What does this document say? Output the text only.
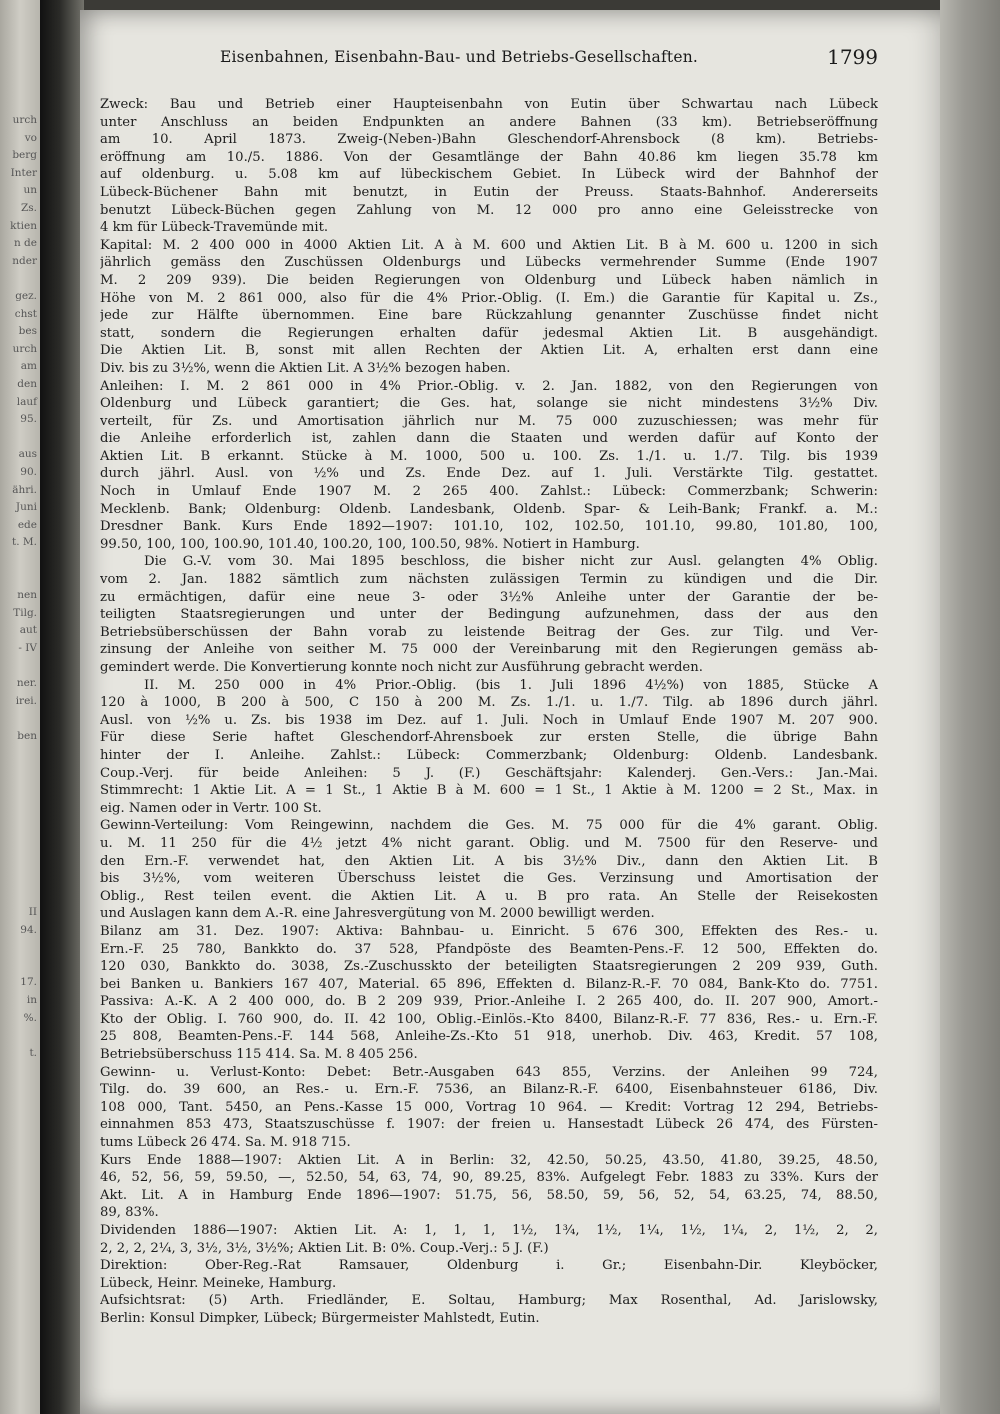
urch
vo
berg
Inter
un
Zs.
ktien
n de
nder
gez.
chst
bes
urch
am
den
lauf
95.
aus
90.
ähri.
Juni
ede
t. M.
nen
Tilg.
aut
- IV
ner.
irei.
ben
II
94.
17.
in
%.
t.
Eisenbahnen, Eisenbahn-Bau- und Betriebs-Gesellschaften.	1799
Zweck: Bau und Betrieb einer Haupteisenbahn von Eutin über Schwartau nach Lübeck
unter Anschluss an beiden Endpunkten an andere Bahnen (33 km). Betriebseröffnung
am 10. April 1873. Zweig-(Neben-)Bahn Gleschendorf-Ahrensbock (8 km). Betriebs-
eröffnung am 10./5. 1886. Von der Gesamtlänge der Bahn 40.86 km liegen 35.78 km
auf oldenburg. u. 5.08 km auf lübeckischem Gebiet. In Lübeck wird der Bahnhof der
Lübeck-Büchener Bahn mit benutzt, in Eutin der Preuss. Staats-Bahnhof. Andererseits
benutzt Lübeck-Büchen gegen Zahlung von M. 12 000 pro anno eine Geleisstrecke von
4 km für Lübeck-Travemünde mit.
Kapital: M. 2 400 000 in 4000 Aktien Lit. A à M. 600 und Aktien Lit. B à M. 600 u. 1200 in sich
jährlich gemäss den Zuschüssen Oldenburgs und Lübecks vermehrender Summe (Ende 1907
M. 2 209 939). Die beiden Regierungen von Oldenburg und Lübeck haben nämlich in
Höhe von M. 2 861 000, also für die 4% Prior.-Oblig. (I. Em.) die Garantie für Kapital u. Zs.,
jede zur Hälfte übernommen. Eine bare Rückzahlung genannter Zuschüsse findet nicht
statt, sondern die Regierungen erhalten dafür jedesmal Aktien Lit. B ausgehändigt.
Die Aktien Lit. B, sonst mit allen Rechten der Aktien Lit. A, erhalten erst dann eine
Div. bis zu 3½%, wenn die Aktien Lit. A 3½% bezogen haben.
Anleihen: I. M. 2 861 000 in 4% Prior.-Oblig. v. 2. Jan. 1882, von den Regierungen von
Oldenburg und Lübeck garantiert; die Ges. hat, solange sie nicht mindestens 3½% Div.
verteilt, für Zs. und Amortisation jährlich nur M. 75 000 zuzuschiessen; was mehr für
die Anleihe erforderlich ist, zahlen dann die Staaten und werden dafür auf Konto der
Aktien Lit. B erkannt. Stücke à M. 1000, 500 u. 100. Zs. 1./1. u. 1./7. Tilg. bis 1939
durch jährl. Ausl. von ½% und Zs. Ende Dez. auf 1. Juli. Verstärkte Tilg. gestattet.
Noch in Umlauf Ende 1907 M. 2 265 400. Zahlst.: Lübeck: Commerzbank; Schwerin:
Mecklenb. Bank; Oldenburg: Oldenb. Landesbank, Oldenb. Spar- & Leih-Bank; Frankf. a. M.:
Dresdner Bank. Kurs Ende 1892—1907: 101.10, 102, 102.50, 101.10, 99.80, 101.80, 100,
99.50, 100, 100, 100.90, 101.40, 100.20, 100, 100.50, 98%. Notiert in Hamburg.
Die G.-V. vom 30. Mai 1895 beschloss, die bisher nicht zur Ausl. gelangten 4% Oblig.
vom 2. Jan. 1882 sämtlich zum nächsten zulässigen Termin zu kündigen und die Dir.
zu ermächtigen, dafür eine neue 3- oder 3½% Anleihe unter der Garantie der be-
teiligten Staatsregierungen und unter der Bedingung aufzunehmen, dass der aus den
Betriebsüberschüssen der Bahn vorab zu leistende Beitrag der Ges. zur Tilg. und Ver-
zinsung der Anleihe von seither M. 75 000 der Vereinbarung mit den Regierungen gemäss ab-
gemindert werde. Die Konvertierung konnte noch nicht zur Ausführung gebracht werden.
II. M. 250 000 in 4% Prior.-Oblig. (bis 1. Juli 1896 4½%) von 1885, Stücke A
120 à 1000, B 200 à 500, C 150 à 200 M. Zs. 1./1. u. 1./7. Tilg. ab 1896 durch jährl.
Ausl. von ½% u. Zs. bis 1938 im Dez. auf 1. Juli. Noch in Umlauf Ende 1907 M. 207 900.
Für diese Serie haftet Gleschendorf-Ahrensboek zur ersten Stelle, die übrige Bahn
hinter der I. Anleihe. Zahlst.: Lübeck: Commerzbank; Oldenburg: Oldenb. Landesbank.
Coup.-Verj. für beide Anleihen: 5 J. (F.) Geschäftsjahr: Kalenderj. Gen.-Vers.: Jan.-Mai.
Stimmrecht: 1 Aktie Lit. A = 1 St., 1 Aktie B à M. 600 = 1 St., 1 Aktie à M. 1200 = 2 St., Max. in
eig. Namen oder in Vertr. 100 St.
Gewinn-Verteilung: Vom Reingewinn, nachdem die Ges. M. 75 000 für die 4% garant. Oblig.
u. M. 11 250 für die 4½ jetzt 4% nicht garant. Oblig. und M. 7500 für den Reserve- und
den Ern.-F. verwendet hat, den Aktien Lit. A bis 3½% Div., dann den Aktien Lit. B
bis 3½%, vom weiteren Überschuss leistet die Ges. Verzinsung und Amortisation der
Oblig., Rest teilen event. die Aktien Lit. A u. B pro rata. An Stelle der Reisekosten
und Auslagen kann dem A.-R. eine Jahresvergütung von M. 2000 bewilligt werden.
Bilanz am 31. Dez. 1907: Aktiva: Bahnbau- u. Einricht. 5 676 300, Effekten des Res.- u.
Ern.-F. 25 780, Bankkto do. 37 528, Pfandpöste des Beamten-Pens.-F. 12 500, Effekten do.
120 030, Bankkto do. 3038, Zs.-Zuschusskto der beteiligten Staatsregierungen 2 209 939, Guth.
bei Banken u. Bankiers 167 407, Material. 65 896, Effekten d. Bilanz-R.-F. 70 084, Bank-Kto do. 7751.
Passiva: A.-K. A 2 400 000, do. B 2 209 939, Prior.-Anleihe I. 2 265 400, do. II. 207 900, Amort.-
Kto der Oblig. I. 760 900, do. II. 42 100, Oblig.-Einlös.-Kto 8400, Bilanz-R.-F. 77 836, Res.- u. Ern.-F.
25 808, Beamten-Pens.-F. 144 568, Anleihe-Zs.-Kto 51 918, unerhob. Div. 463, Kredit. 57 108,
Betriebsüberschuss 115 414. Sa. M. 8 405 256.
Gewinn- u. Verlust-Konto: Debet: Betr.-Ausgaben 643 855, Verzins. der Anleihen 99 724,
Tilg. do. 39 600, an Res.- u. Ern.-F. 7536, an Bilanz-R.-F. 6400, Eisenbahnsteuer 6186, Div.
108 000, Tant. 5450, an Pens.-Kasse 15 000, Vortrag 10 964. — Kredit: Vortrag 12 294, Betriebs-
einnahmen 853 473, Staatszuschüsse f. 1907: der freien u. Hansestadt Lübeck 26 474, des Fürsten-
tums Lübeck 26 474. Sa. M. 918 715.
Kurs Ende 1888—1907: Aktien Lit. A in Berlin: 32, 42.50, 50.25, 43.50, 41.80, 39.25, 48.50,
46, 52, 56, 59, 59.50, —, 52.50, 54, 63, 74, 90, 89.25, 83%. Aufgelegt Febr. 1883 zu 33%. Kurs der
Akt. Lit. A in Hamburg Ende 1896—1907: 51.75, 56, 58.50, 59, 56, 52, 54, 63.25, 74, 88.50,
89, 83%.
Dividenden 1886—1907: Aktien Lit. A: 1, 1, 1, 1½, 1¾, 1½, 1¼, 1½, 1¼, 2, 1½, 2, 2,
2, 2, 2, 2¼, 3, 3½, 3½, 3½%; Aktien Lit. B: 0%. Coup.-Verj.: 5 J. (F.)
Direktion: Ober-Reg.-Rat Ramsauer, Oldenburg i. Gr.; Eisenbahn-Dir. Kleyböcker,
Lübeck, Heinr. Meineke, Hamburg.
Aufsichtsrat: (5) Arth. Friedländer, E. Soltau, Hamburg; Max Rosenthal, Ad. Jarislowsky,
Berlin: Konsul Dimpker, Lübeck; Bürgermeister Mahlstedt, Eutin.
